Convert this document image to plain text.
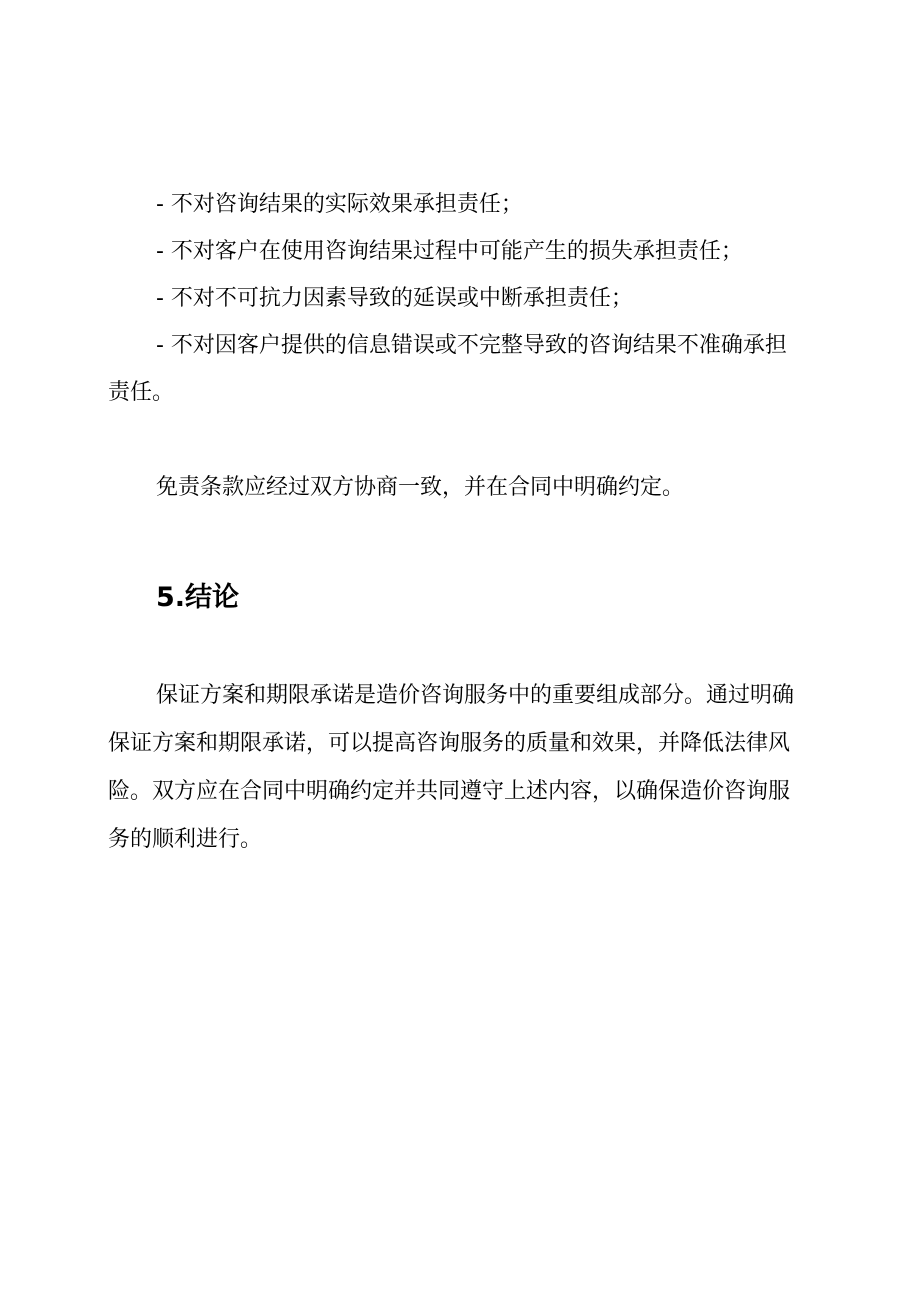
- 不对咨询结果的实际效果承担责任；

- 不对客户在使用咨询结果过程中可能产生的损失承担责任；

- 不对不可抗力因素导致的延误或中断承担责任；

- 不对因客户提供的信息错误或不完整导致的咨询结果不准确承担责任。

免责条款应经过双方协商一致，并在合同中明确约定。

5.结论

保证方案和期限承诺是造价咨询服务中的重要组成部分。通过明确保证方案和期限承诺，可以提高咨询服务的质量和效果，并降低法律风险。双方应在合同中明确约定并共同遵守上述内容，以确保造价咨询服务的顺利进行。
